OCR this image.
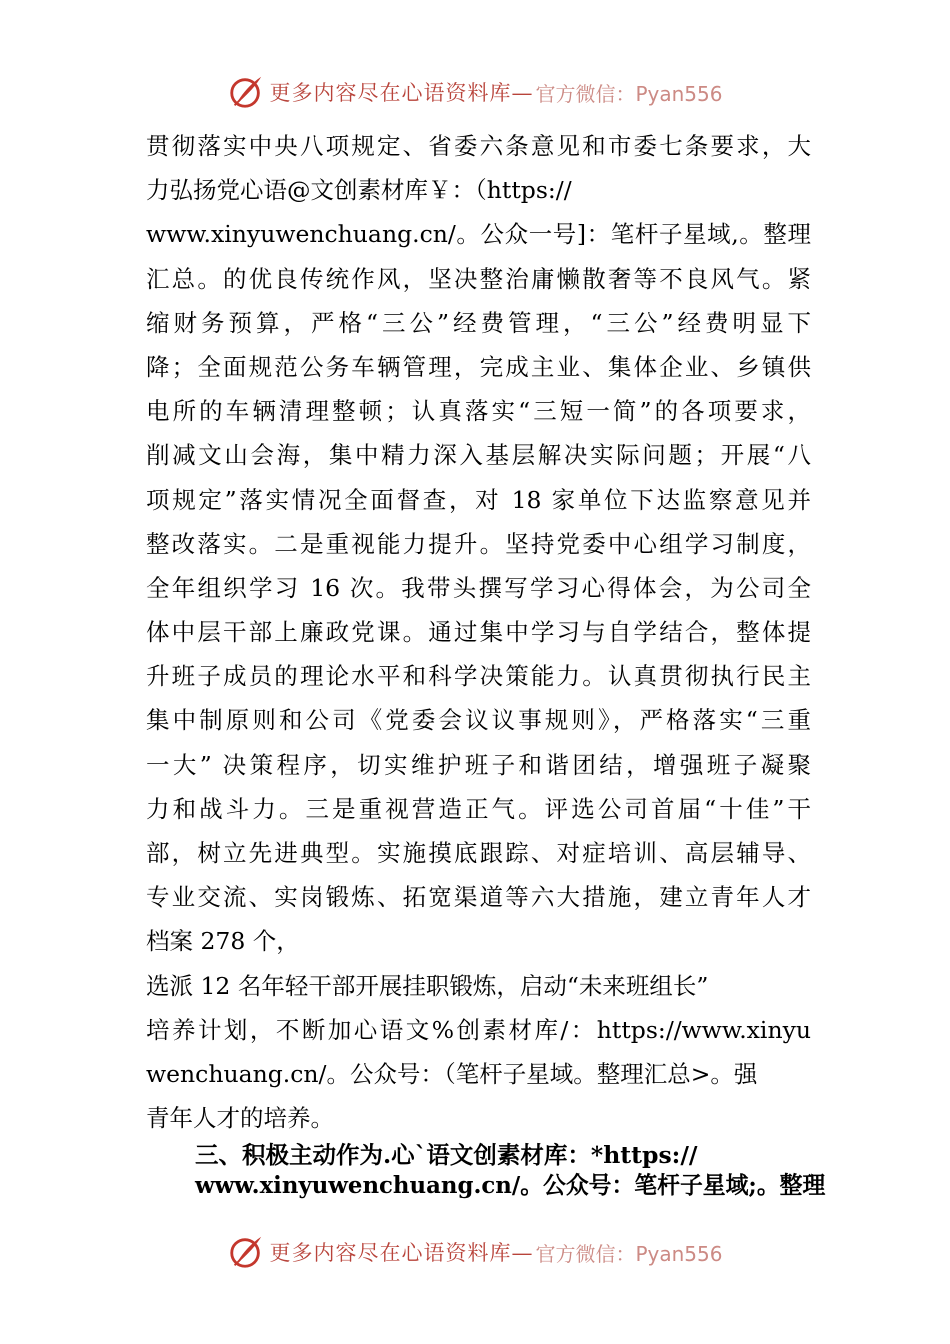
更多内容尽在心语资料库— 官方微信：Pyan556
贯彻落实中央八项规定、省委六条意见和市委七条要求，大
力弘扬党心语@文创素材库￥：（https://
www.xinyuwenchuang.cn/。公众一号]：笔杆子星域,。整理
汇总。的优良传统作风，坚决整治庸懒散奢等不良风气。紧
缩财务预算，严格“三公”经费管理，“三公”经费明显下
降；全面规范公务车辆管理，完成主业、集体企业、乡镇供
电所的车辆清理整顿；认真落实“三短一简”的各项要求，
削减文山会海，集中精力深入基层解决实际问题；开展“八
项规定”落实情况全面督查，对 18 家单位下达监察意见并
整改落实。二是重视能力提升。坚持党委中心组学习制度，
全年组织学习 16 次。我带头撰写学习心得体会，为公司全
体中层干部上廉政党课。通过集中学习与自学结合，整体提
升班子成员的理论水平和科学决策能力。认真贯彻执行民主
集中制原则和公司《党委会议议事规则》，严格落实“三重
一大” 决策程序，切实维护班子和谐团结，增强班子凝聚
力和战斗力。三是重视营造正气。评选公司首届“十佳”干
部，树立先进典型。实施摸底跟踪、对症培训、高层辅导、
专业交流、实岗锻炼、拓宽渠道等六大措施，建立青年人才
档案 278 个，
选派 12 名年轻干部开展挂职锻炼，启动“未来班组长”
培养计划，不断加心语文%创素材库/：https://www.xinyu
wenchuang.cn/。公众号：（笔杆子星域。整理汇总>。强
青年人才的培养。
三、积极主动作为.心`语文创素材库：*https://
www.xinyuwenchuang.cn/。公众号：笔杆子星域;。整理
更多内容尽在心语资料库— 官方微信：Pyan556
